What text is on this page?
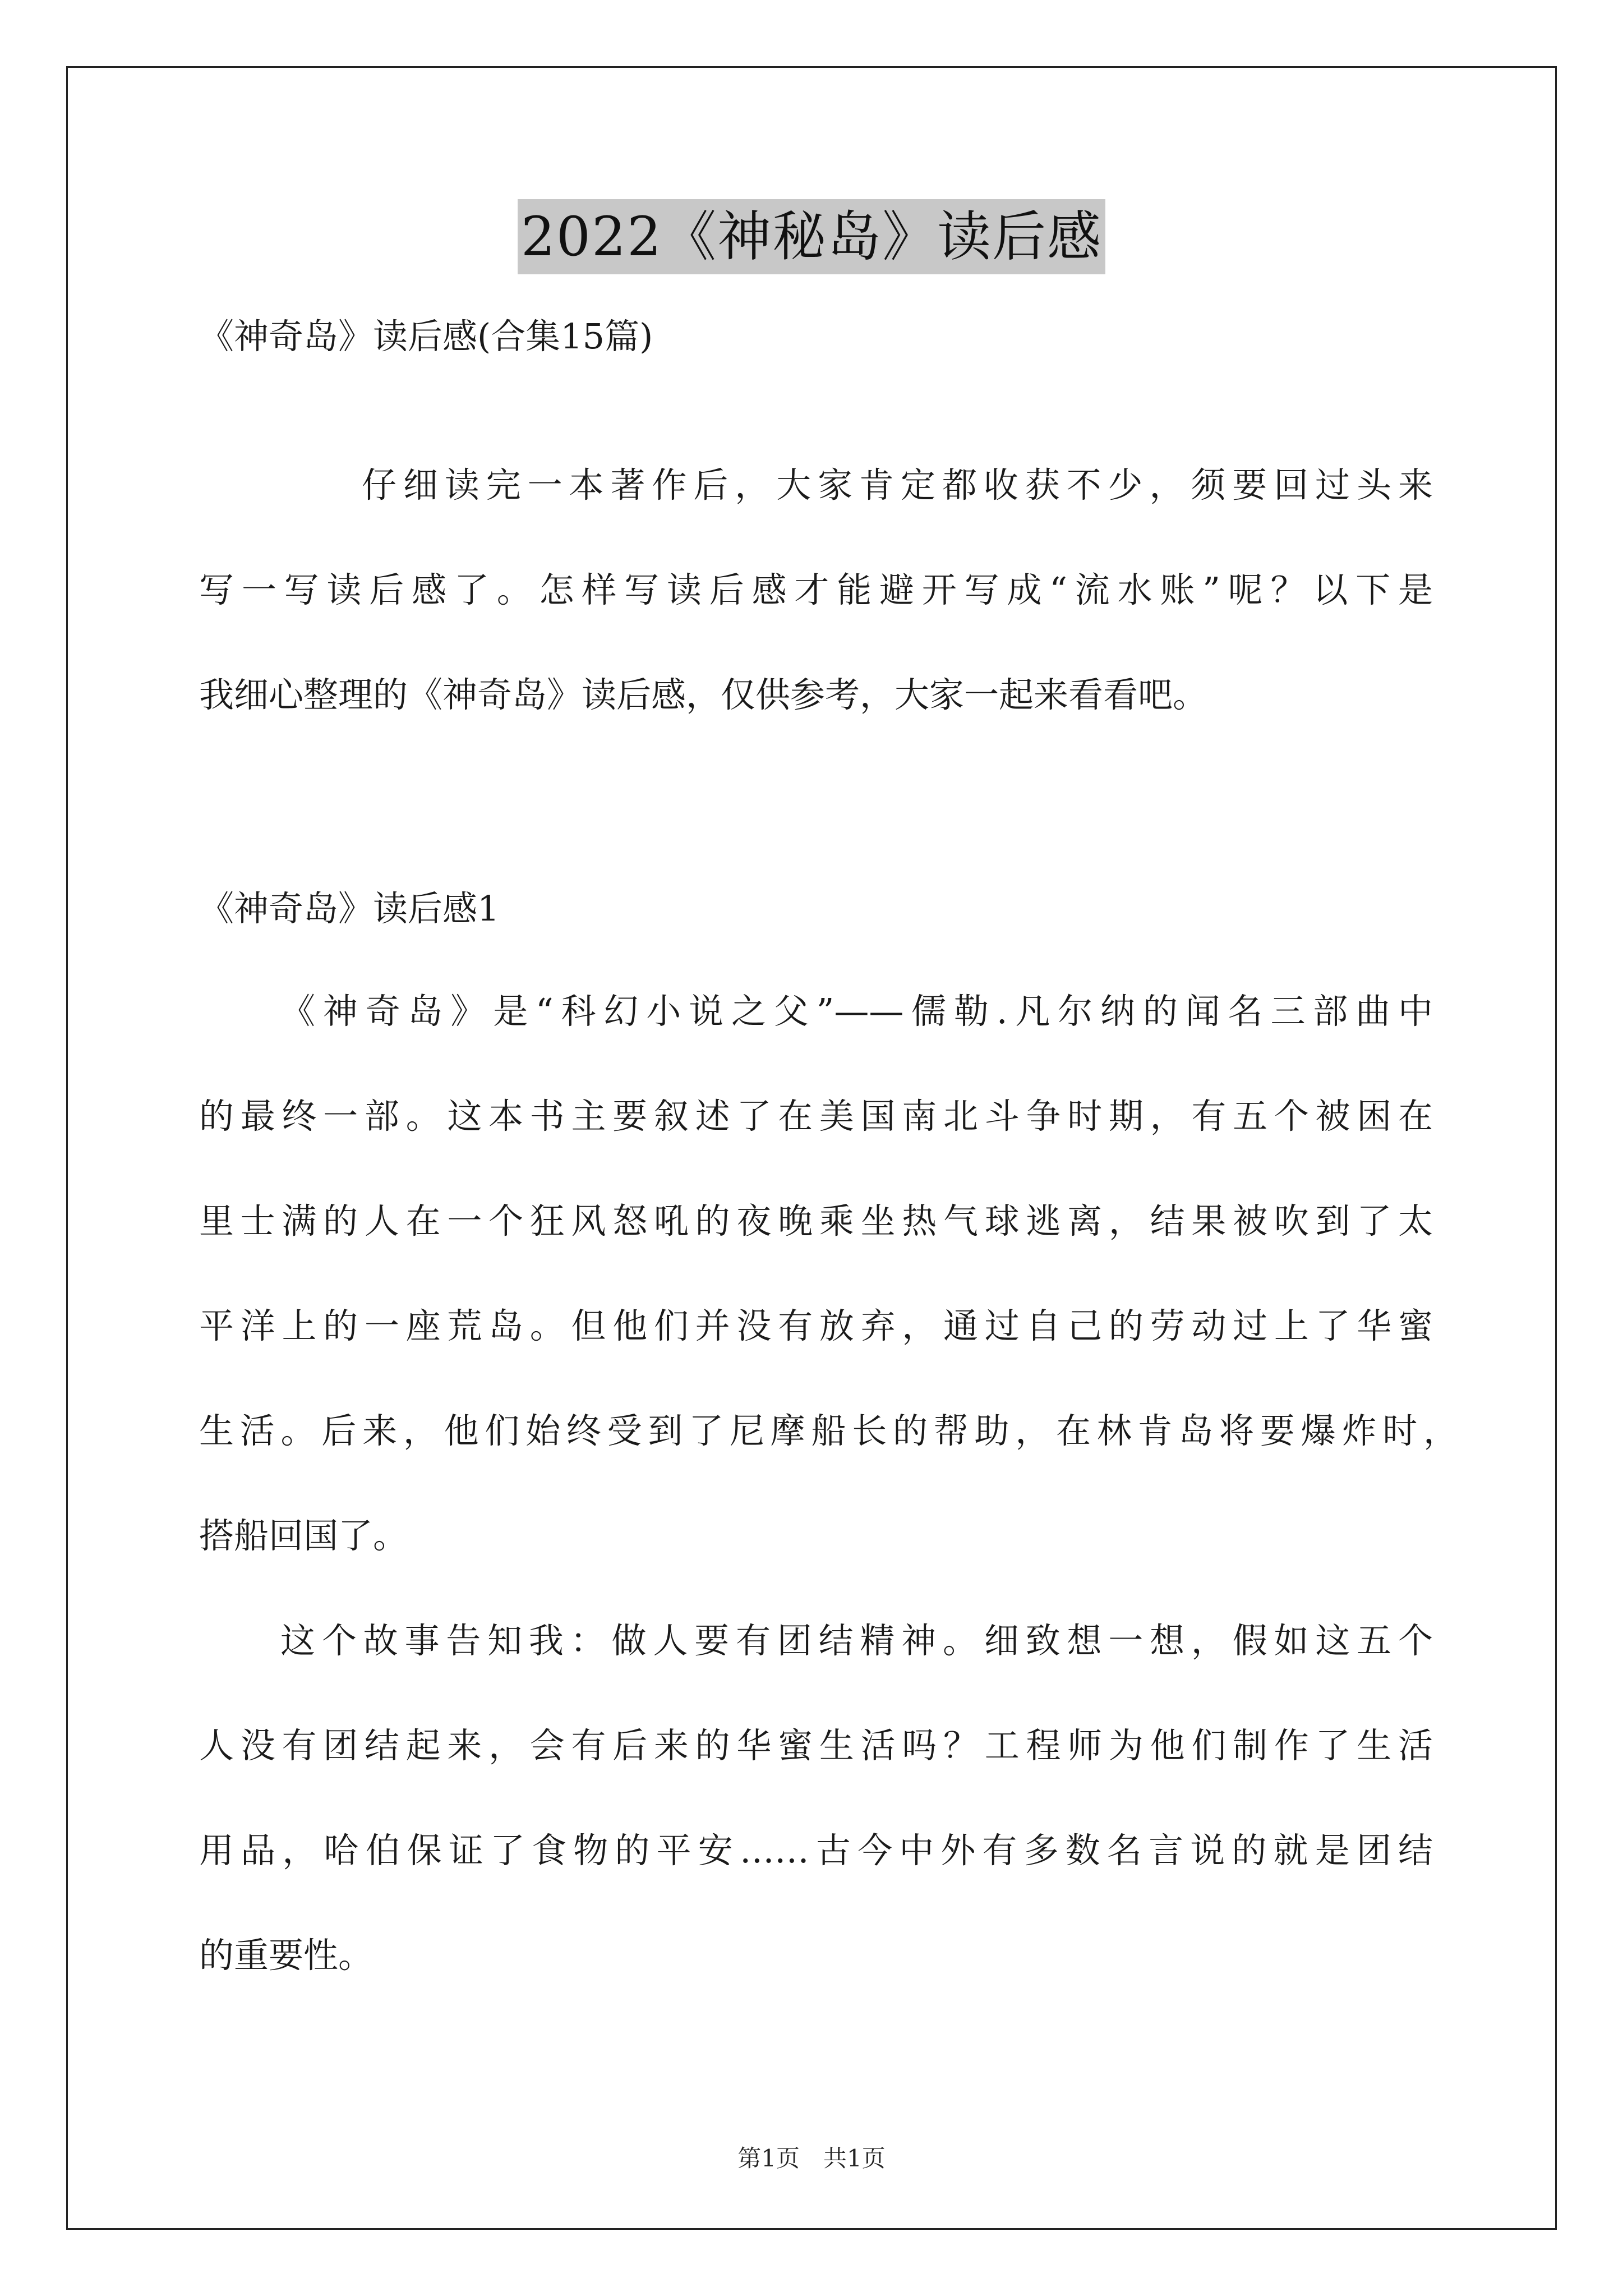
2022《神秘岛》读后感
《神奇岛》读后感(合集15篇)
仔细读完一本著作后，大家肯定都收获不少，须要回过头来
写一写读后感了。怎样写读后感才能避开写成“流水账”呢？以下是
我细心整理的《神奇岛》读后感，仅供参考，大家一起来看看吧。
《神奇岛》读后感1
《神奇岛》是“科幻小说之父”——儒勒.凡尔纳的闻名三部曲中
的最终一部。这本书主要叙述了在美国南北斗争时期，有五个被困在
里士满的人在一个狂风怒吼的夜晚乘坐热气球逃离，结果被吹到了太
平洋上的一座荒岛。但他们并没有放弃，通过自己的劳动过上了华蜜
生活。后来，他们始终受到了尼摩船长的帮助，在林肯岛将要爆炸时，
搭船回国了。
这个故事告知我：做人要有团结精神。细致想一想，假如这五个
人没有团结起来，会有后来的华蜜生活吗？工程师为他们制作了生活
用品，哈伯保证了食物的平安……古今中外有多数名言说的就是团结
的重要性。
第1页　共1页
